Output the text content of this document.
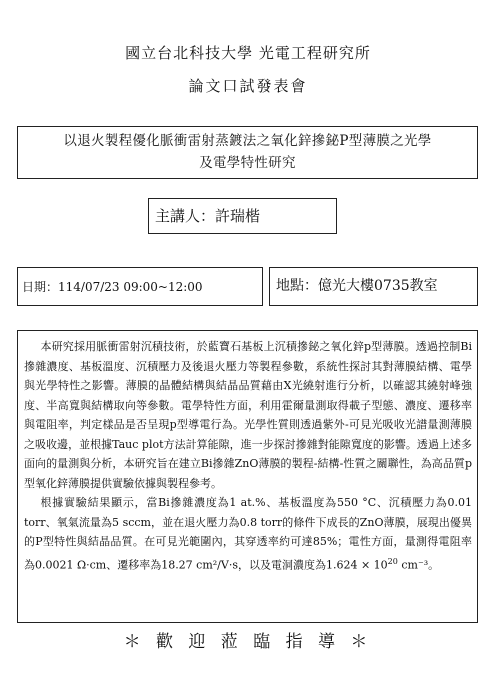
國立台北科技大學 光電工程研究所
論文口試發表會
以退火製程優化脈衝雷射蒸鍍法之氧化鋅摻鉍P型薄膜之光學
及電學特性研究
主講人：許瑞楷
日期：114/07/23 09:00~12:00	地點：億光大樓0735教室

本研究採用脈衝雷射沉積技術，於藍寶石基板上沉積摻鉍之氧化鋅p型薄膜。透過控制Bi摻雜濃度、基板溫度、沉積壓力及後退火壓力等製程參數，系統性探討其對薄膜結構、電學與光學特性之影響。薄膜的晶體結構與結晶品質藉由X光繞射進行分析，以確認其繞射峰強度、半高寬與結構取向等參數。電學特性方面，利用霍爾量測取得載子型態、濃度、遷移率與電阻率，判定樣品是否呈現p型導電行為。光學性質則透過紫外-可見光吸收光譜量測薄膜之吸收邊，並根據Tauc plot方法計算能隙，進一步探討摻雜對能隙寬度的影響。透過上述多面向的量測與分析，本研究旨在建立Bi摻雜ZnO薄膜的製程-結構-性質之關聯性，為高品質p型氧化鋅薄膜提供實驗依據與製程參考。

根據實驗結果顯示，當Bi摻雜濃度為1 at.%、基板溫度為550 °C、沉積壓力為0.01 torr、氧氣流量為5 sccm，並在退火壓力為0.8 torr的條件下成長的ZnO薄膜，展現出優異的P型特性與結晶品質。在可見光範圍內，其穿透率約可達85%；電性方面，量測得電阻率為0.0021 Ω·cm、遷移率為18.27 cm²/V·s，以及電洞濃度為$1.624 \times 10^{20}$ cm⁻³。

＊ 歡 迎 蒞 臨 指 導 ＊
